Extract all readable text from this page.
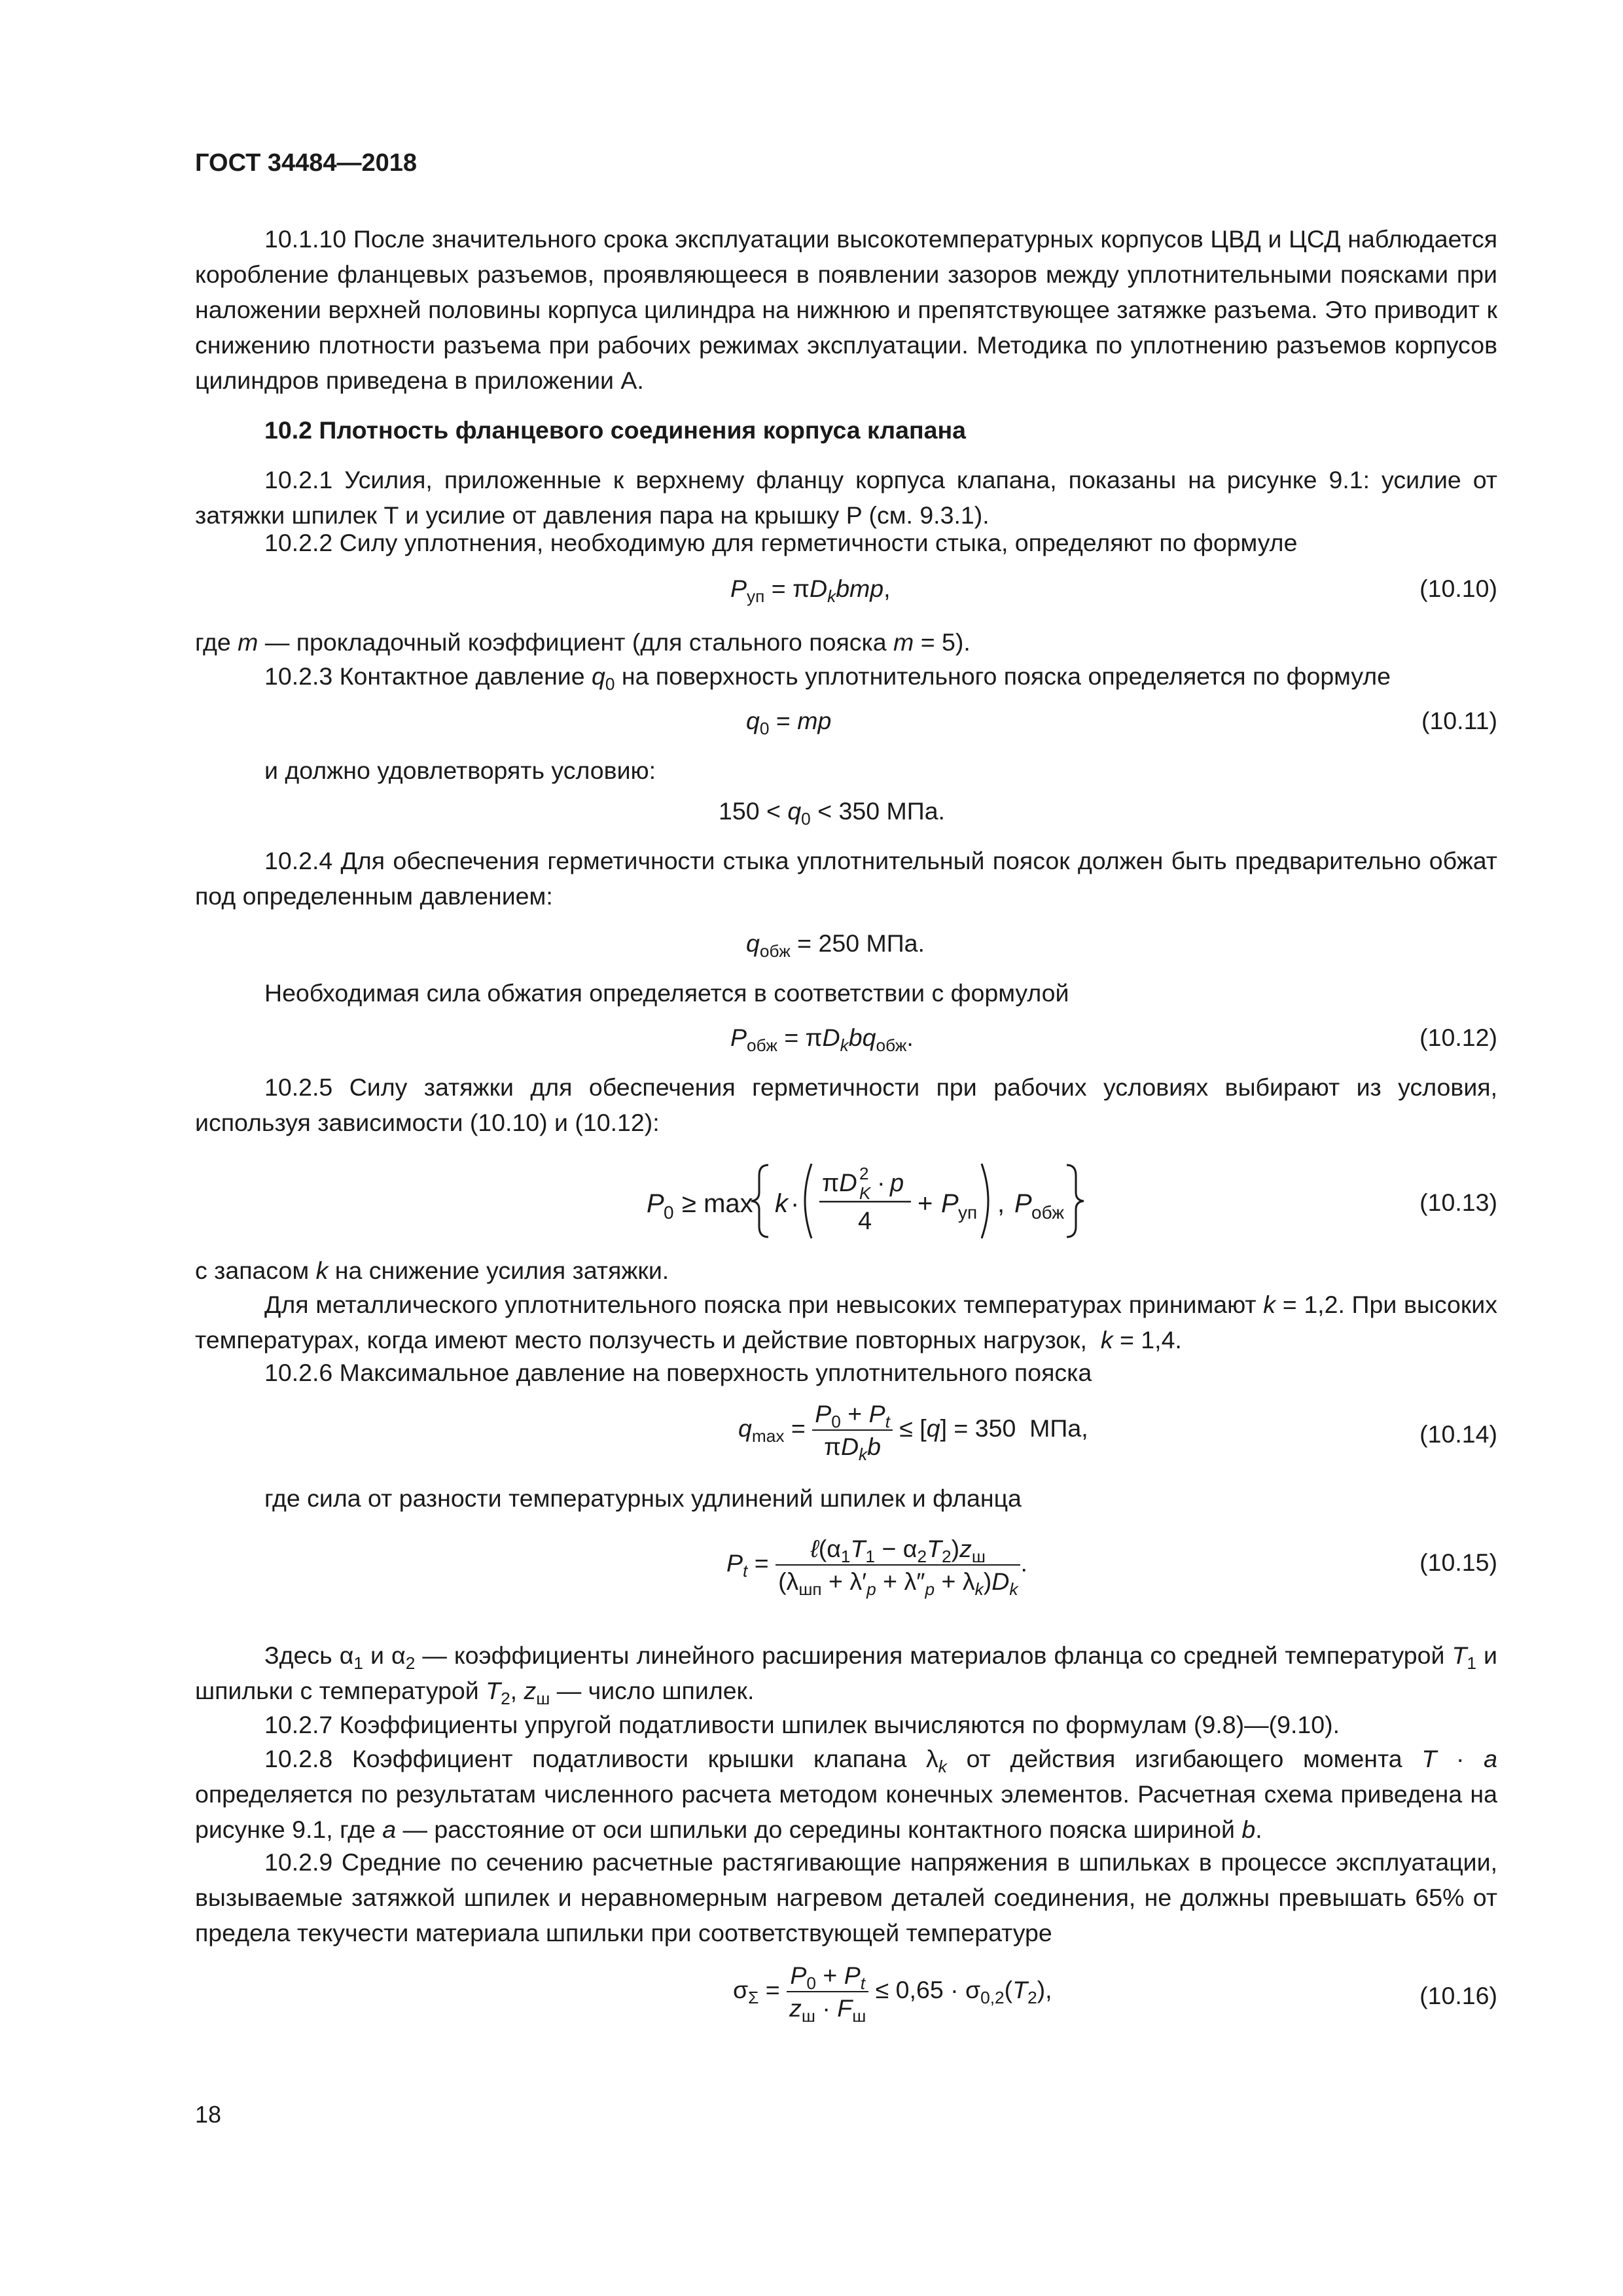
ГОСТ 34484—2018

10.1.10 После значительного срока эксплуатации высокотемпературных корпусов ЦВД и ЦСД наблюдается коробление фланцевых разъемов, проявляющееся в появлении зазоров между уплотнительными поясками при наложении верхней половины корпуса цилиндра на нижнюю и препятствующее затяжке разъема. Это приводит к снижению плотности разъема при рабочих режимах эксплуатации. Методика по уплотнению разъемов корпусов цилиндров приведена в приложении А.

10.2 Плотность фланцевого соединения корпуса клапана

10.2.1 Усилия, приложенные к верхнему фланцу корпуса клапана, показаны на рисунке 9.1: усилие от затяжки шпилек T и усилие от давления пара на крышку P (см. 9.3.1).

10.2.2 Силу уплотнения, необходимую для герметичности стыка, определяют по формуле
$P_{уп} = \pi D_kbmp$,	(10.10)
где m — прокладочный коэффициент (для стального пояска m = 5).
10.2.3 Контактное давление $q_0$ на поверхность уплотнительного пояска определяется по формуле
$q_0$ = mp	(10.11)
и должно удовлетворять условию:
$150 < q_0 < 350$ МПа.

10.2.4 Для обеспечения герметичности стыка уплотнительный поясок должен быть предварительно обжат под определенным давлением:

$q_{обж} = 250$ МПа.
Необходимая сила обжатия определяется в соответствии с формулой
$P_{обж} = \pi D_kbq_{обж}$.	(10.12)

10.2.5 Силу затяжки для обеспечения герметичности при рабочих условиях выбирают из условия, используя зависимости (10.10) и (10.12):

P 0 ≥ max k ·
πD 2
K · p
4
+ P уп , P обж	(10.13)
с запасом k на снижение усилия затяжки.

Для металлического уплотнительного пояска при невысоких температурах принимают k = 1,2. При высоких температурах, когда имеют место ползучесть и действие повторных нагрузок,  k = 1,4.

10.2.6 Максимальное давление на поверхность уплотнительного пояска
$q_{max} = \frac{P_0 + P_t}{\pi D_kb} \le [q] = 350$  МПа,	(10.14)
где сила от разности температурных удлинений шпилек и фланца
$P_t = \frac{\ell(\alpha_1T_1 - \alpha_2T_2)z_ш}{(\lambda_{шп} + \lambda'_p + \lambda''_p + \lambda_k)D_k}$ .	(10.15)

Здесь $\alpha_1$ и $\alpha_2$ — коэффициенты линейного расширения материалов фланца со средней температурой $T_1$ и шпильки с температурой $T_2$, $z_ш$ — число шпилек.

10.2.7 Коэффициенты упругой податливости шпилек вычисляются по формулам (9.8)—(9.10).

10.2.8 Коэффициент податливости крышки клапана $\lambda_k$ от действия изгибающего момента T · a определяется по результатам численного расчета методом конечных элементов. Расчетная схема приведена на рисунке 9.1, где a — расстояние от оси шпильки до середины контактного пояска шириной b.

10.2.9 Средние по сечению расчетные растягивающие напряжения в шпильках в процессе эксплуатации, вызываемые затяжкой шпилек и неравномерным нагревом деталей соединения, не должны превышать 65% от предела текучести материала шпильки при соответствующей температуре

$\sigma_\Sigma = \frac{P_0 + P_t}{z_ш \cdot F_ш} \le 0,65 \cdot \sigma_{0,2}(T_2)$,	(10.16)
18
